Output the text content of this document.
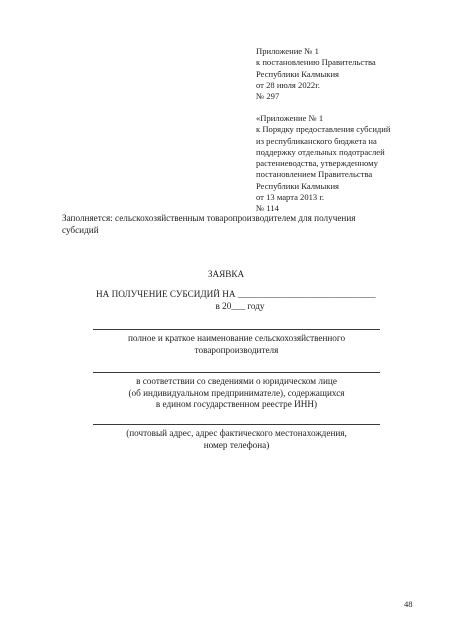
Приложение № 1
к постановлению Правительства
Республики Калмыкия
от 28 июля 2022г.
№ 297
«Приложение № 1
к Порядку предоставления субсидий
из республиканского бюджета на
поддержку отдельных подотраслей
растениеводства, утвержденному
постановлением Правительства
Республики Калмыкия
от 13 марта 2013 г.
№ 114
Заполняется: сельскохозяйственным товаропроизводителем для получения
субсидий
ЗАЯВКА
НА ПОЛУЧЕНИЕ СУБСИДИЙ НА ______________________________
в 20___ году
полное и краткое наименование сельскохозяйственного
товаропроизводителя
в соответствии со сведениями о юридическом лице
(об индивидуальном предпринимателе), содержащихся
в едином государственном реестре ИНН)
(почтовый адрес, адрес фактического местонахождения,
номер телефона)
48
